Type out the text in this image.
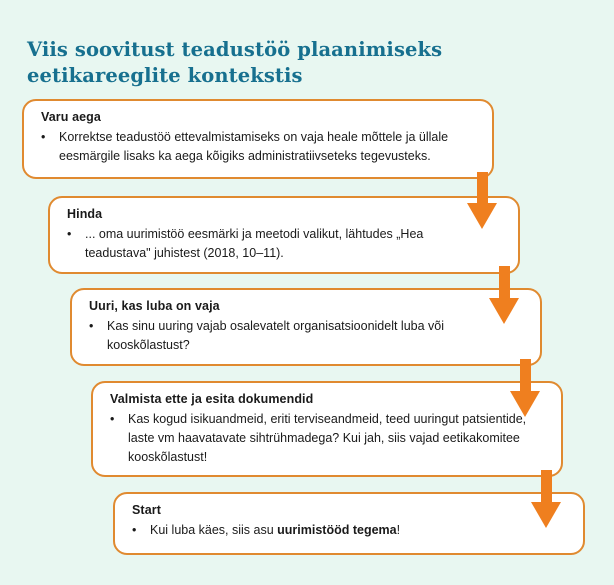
Viis soovitust teadustöö plaanimiseks eetikareeglite kontekstis
Varu aega
•	Korrektse teadustöö ettevalmistamiseks on vaja heale mõttele ja üllale eesmärgile lisaks ka aega kõigiks administratiivseteks tegevusteks.
Hinda
•	... oma uurimistöö eesmärki ja meetodi valikut, lähtudes „Hea teadustava" juhistest (2018, 10–11).
Uuri, kas luba on vaja
•	Kas sinu uuring vajab osalevatelt organisatsioonidelt luba või kooskõlastust?
Valmista ette ja esita dokumendid
•	Kas kogud isikuandmeid, eriti terviseandmeid, teed uuringut patsientide, laste vm haavatavate sihtrühmadega? Kui jah, siis vajad eetikakomitee kooskõlastust!
Start
•	Kui luba käes, siis asu uurimistööd tegema!
